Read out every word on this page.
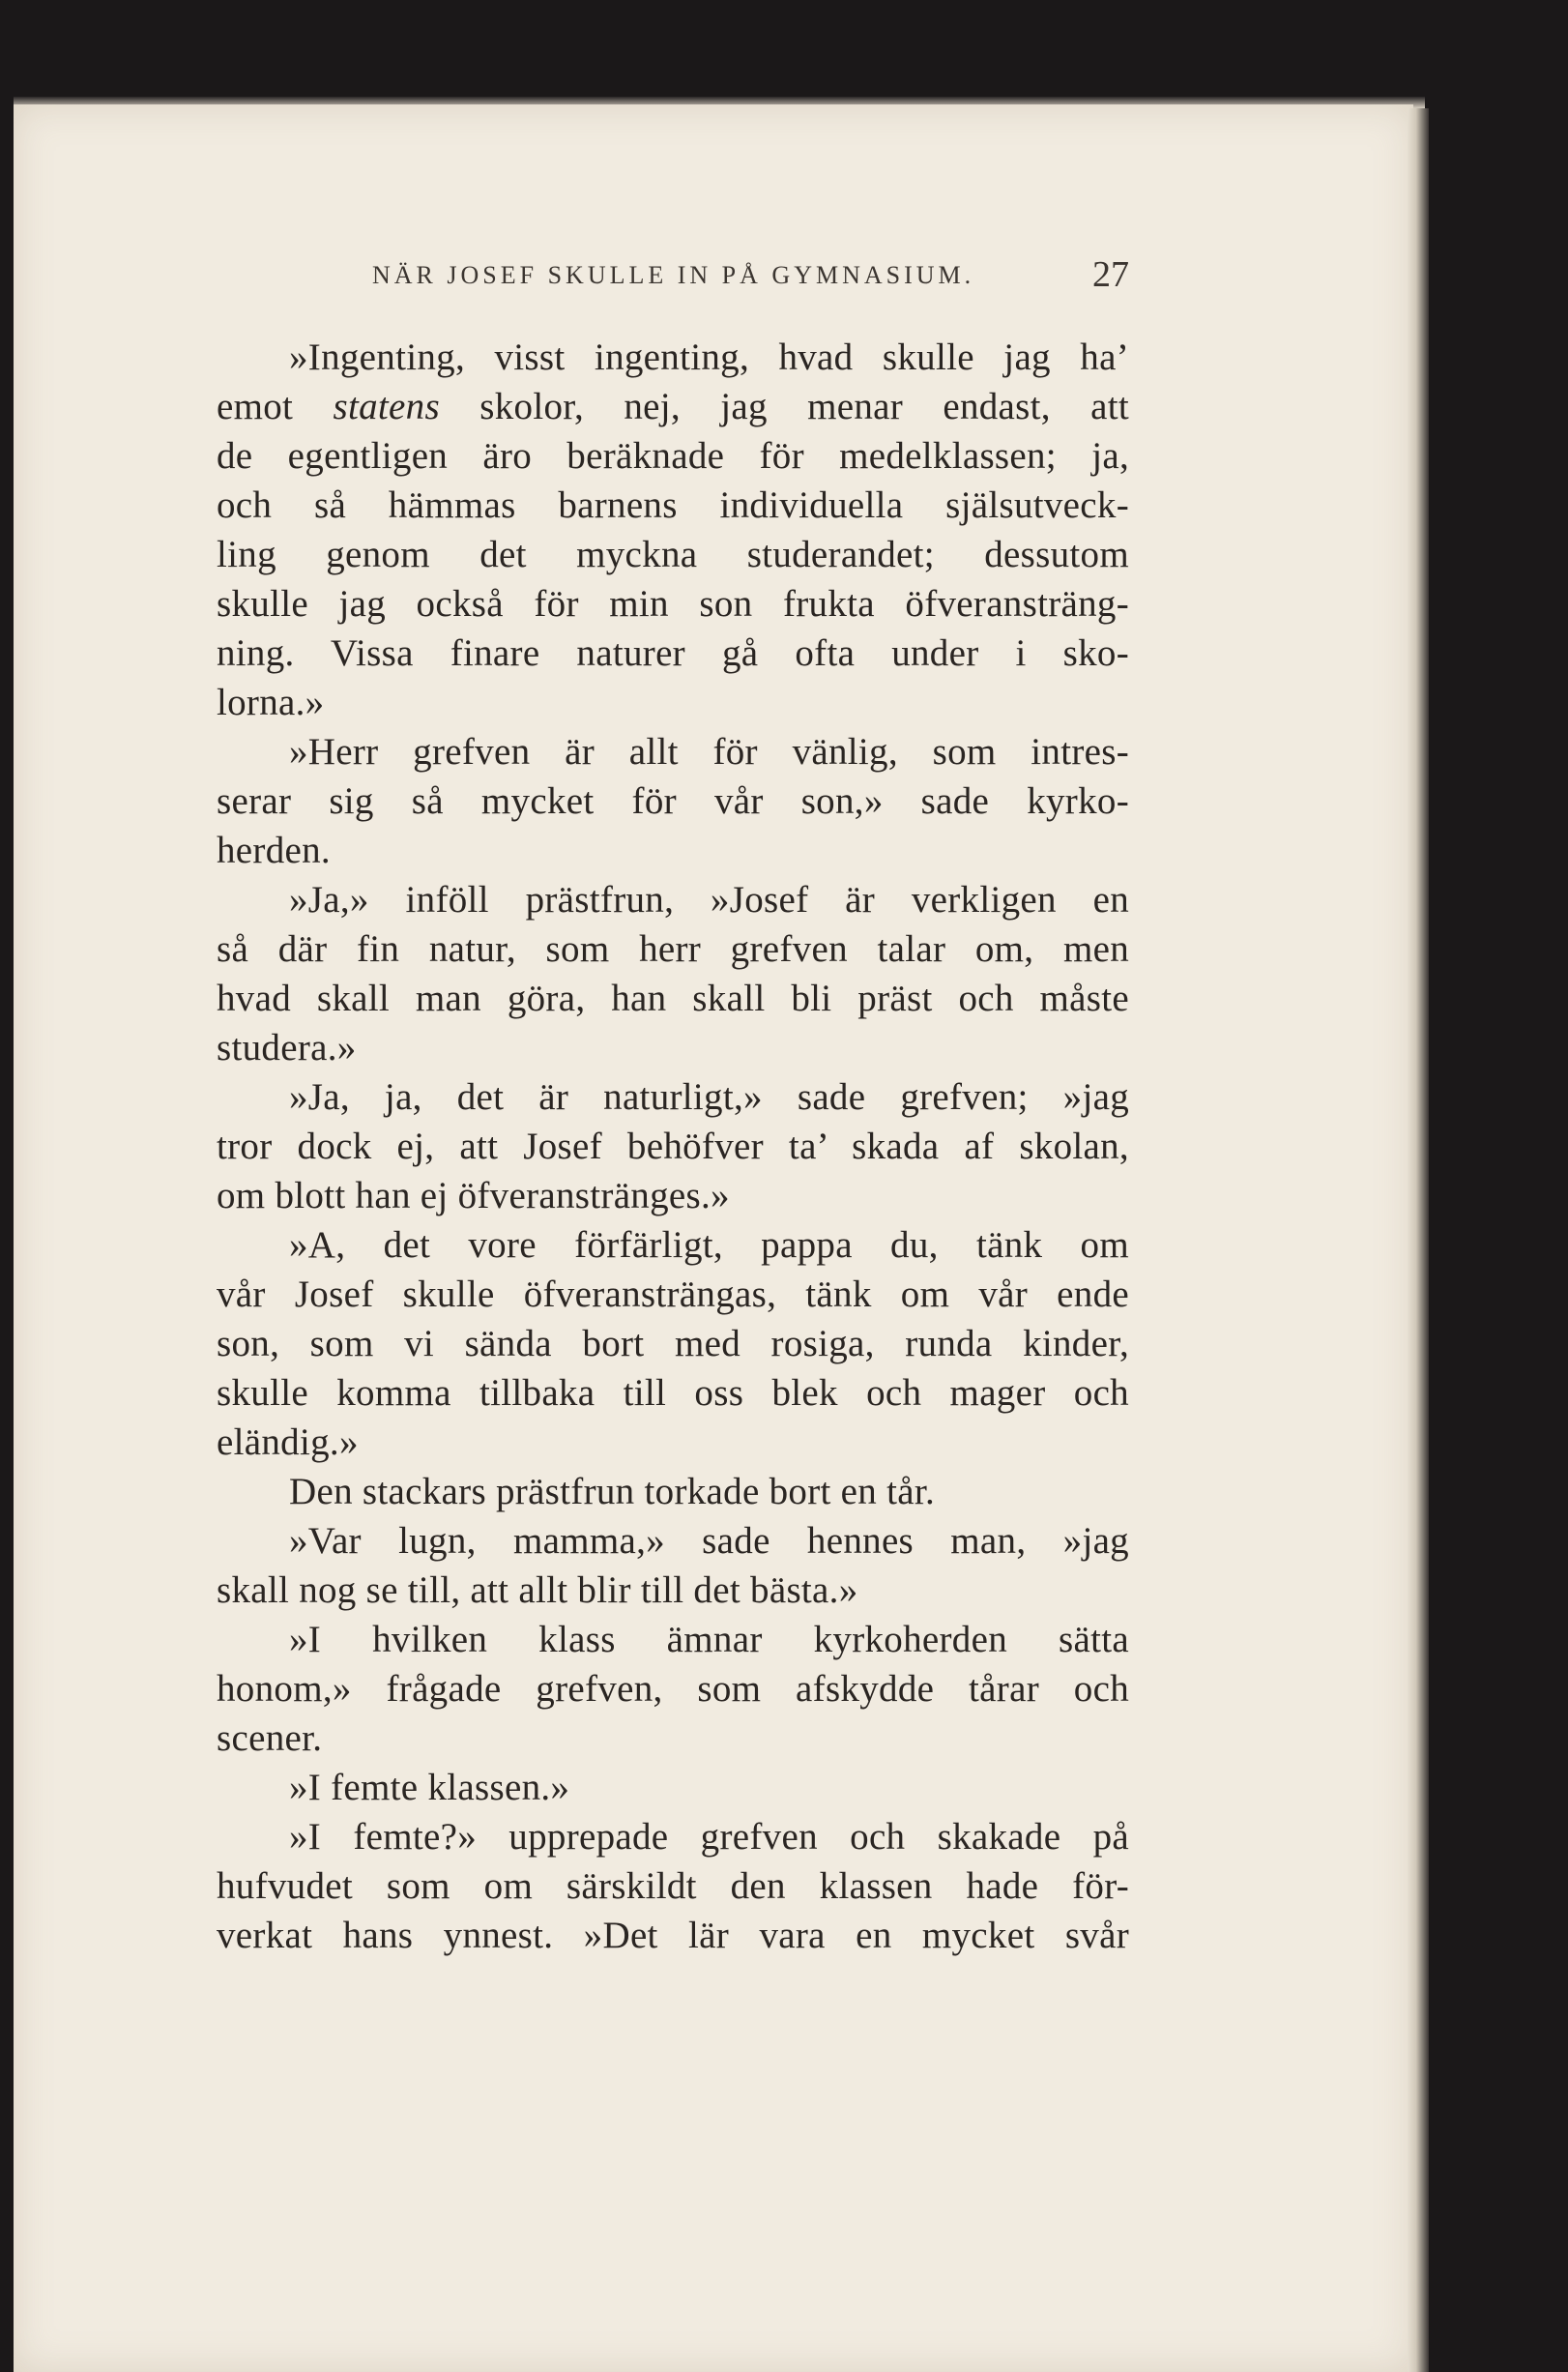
NÄR JOSEF SKULLE IN PÅ GYMNASIUM.	27
»Ingenting, visst ingenting, hvad skulle jag ha’
emot statens skolor, nej, jag menar endast, att
de egentligen äro beräknade för medelklassen; ja,
och så hämmas barnens individuella själsutveck-
ling genom det myckna studerandet; dessutom
skulle jag också för min son frukta öfveransträng-
ning. Vissa finare naturer gå ofta under i sko-
lorna.»
»Herr grefven är allt för vänlig, som intres-
serar sig så mycket för vår son,» sade kyrko-
herden.
»Ja,» inföll prästfrun, »Josef är verkligen en
så där fin natur, som herr grefven talar om, men
hvad skall man göra, han skall bli präst och måste
studera.»
»Ja, ja, det är naturligt,» sade grefven; »jag
tror dock ej, att Josef behöfver ta’ skada af skolan,
om blott han ej öfveranstränges.»
»А, det vore förfärligt, pappa du, tänk om
vår Josef skulle öfveransträngas, tänk om vår ende
son, som vi sända bort med rosiga, runda kinder,
skulle komma tillbaka till oss blek och mager och
eländig.»
Den stackars prästfrun torkade bort en tår.
»Var lugn, mamma,» sade hennes man, »jag
skall nog se till, att allt blir till det bästa.»
»I hvilken klass ämnar kyrkoherden sätta
honom,» frågade grefven, som afskydde tårar och
scener.
»I femte klassen.»
»I femte?» upprepade grefven och skakade på
hufvudet som om särskildt den klassen hade för-
verkat hans ynnest. »Det lär vara en mycket svår
